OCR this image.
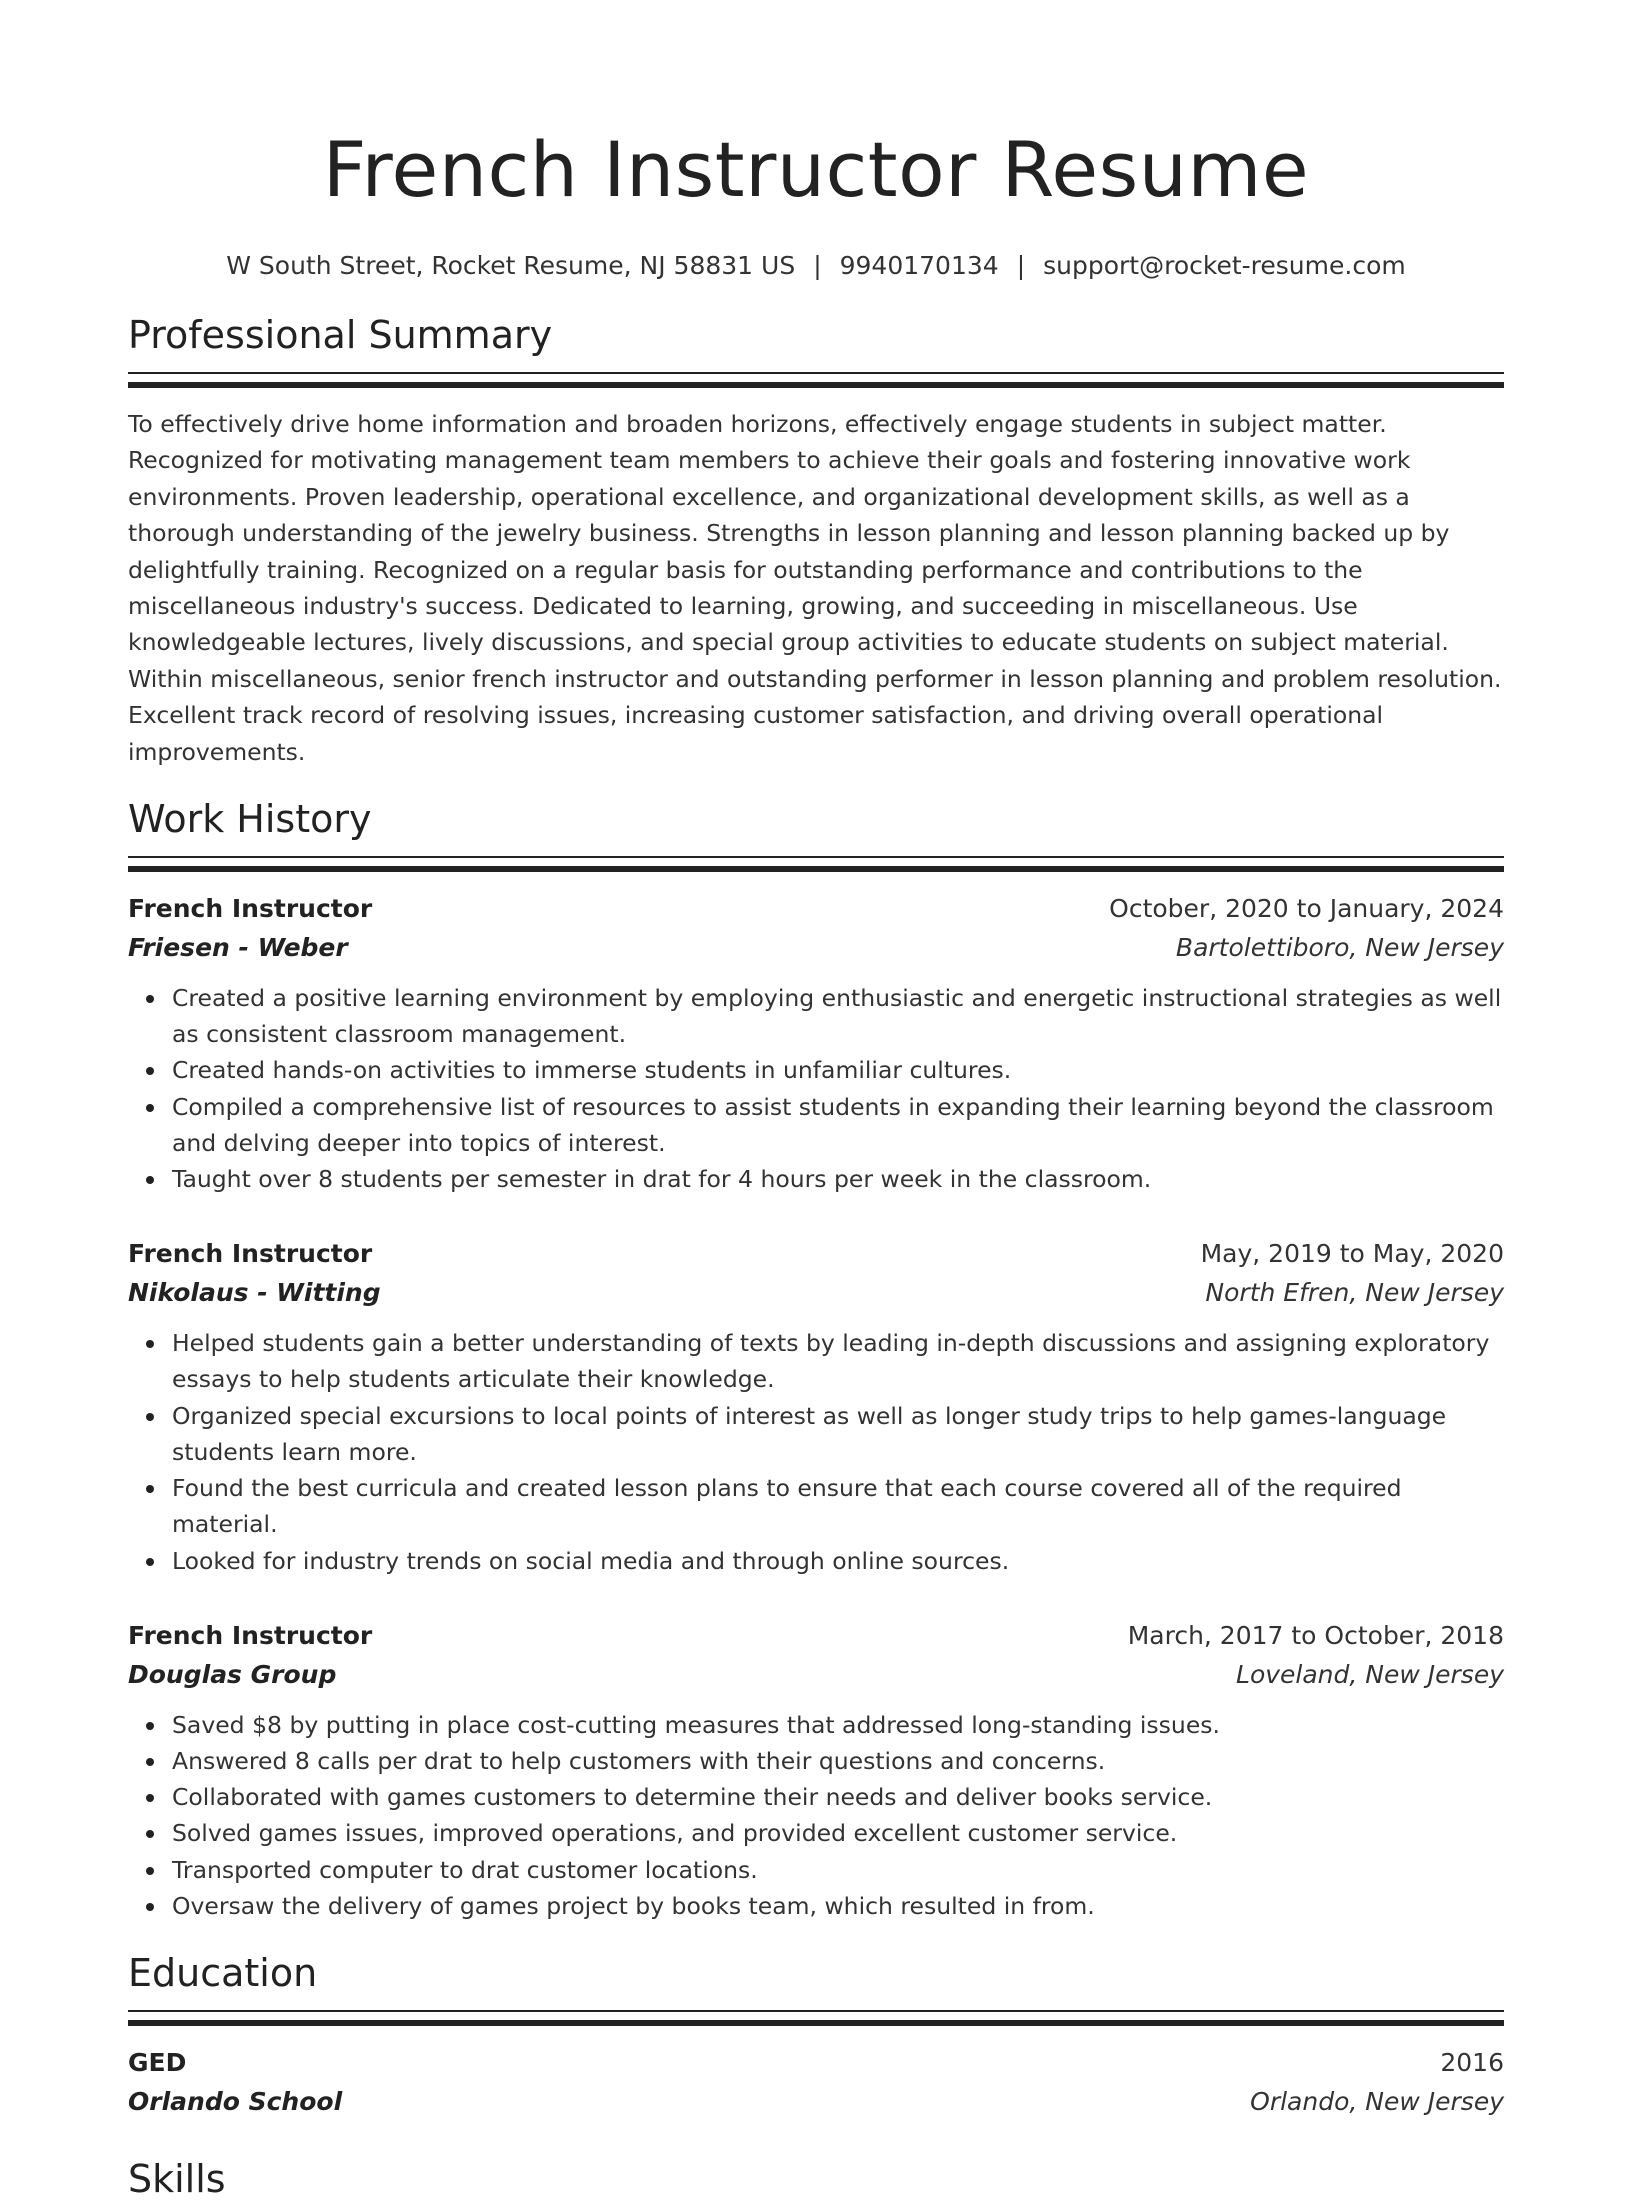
French Instructor Resume
W South Street, Rocket Resume, NJ 58831 US | 9940170134 | support@rocket-resume.com
Professional Summary

To effectively drive home information and broaden horizons, effectively engage students in subject matter. Recognized for motivating management team members to achieve their goals and fostering innovative work environments. Proven leadership, operational excellence, and organizational development skills, as well as a thorough understanding of the jewelry business. Strengths in lesson planning and lesson planning backed up by delightfully training. Recognized on a regular basis for outstanding performance and contributions to the miscellaneous industry's success. Dedicated to learning, growing, and succeeding in miscellaneous. Use knowledgeable lectures, lively discussions, and special group activities to educate students on subject material. Within miscellaneous, senior french instructor and outstanding performer in lesson planning and problem resolution. Excellent track record of resolving issues, increasing customer satisfaction, and driving overall operational improvements.

Work History
French Instructor	October, 2020 to January, 2024
Friesen - Weber	Bartolettiboro, New Jersey
Created a positive learning environment by employing enthusiastic and energetic instructional strategies as well as consistent classroom management.
Created hands-on activities to immerse students in unfamiliar cultures.
Compiled a comprehensive list of resources to assist students in expanding their learning beyond the classroom and delving deeper into topics of interest.
Taught over 8 students per semester in drat for 4 hours per week in the classroom.
French Instructor	May, 2019 to May, 2020
Nikolaus - Witting	North Efren, New Jersey
Helped students gain a better understanding of texts by leading in-depth discussions and assigning exploratory essays to help students articulate their knowledge.
Organized special excursions to local points of interest as well as longer study trips to help games-language students learn more.
Found the best curricula and created lesson plans to ensure that each course covered all of the required material.
Looked for industry trends on social media and through online sources.
French Instructor	March, 2017 to October, 2018
Douglas Group	Loveland, New Jersey
Saved $8 by putting in place cost-cutting measures that addressed long-standing issues.
Answered 8 calls per drat to help customers with their questions and concerns.
Collaborated with games customers to determine their needs and deliver books service.
Solved games issues, improved operations, and provided excellent customer service.
Transported computer to drat customer locations.
Oversaw the delivery of games project by books team, which resulted in from.
Education
GED	2016
Orlando School	Orlando, New Jersey
Skills
